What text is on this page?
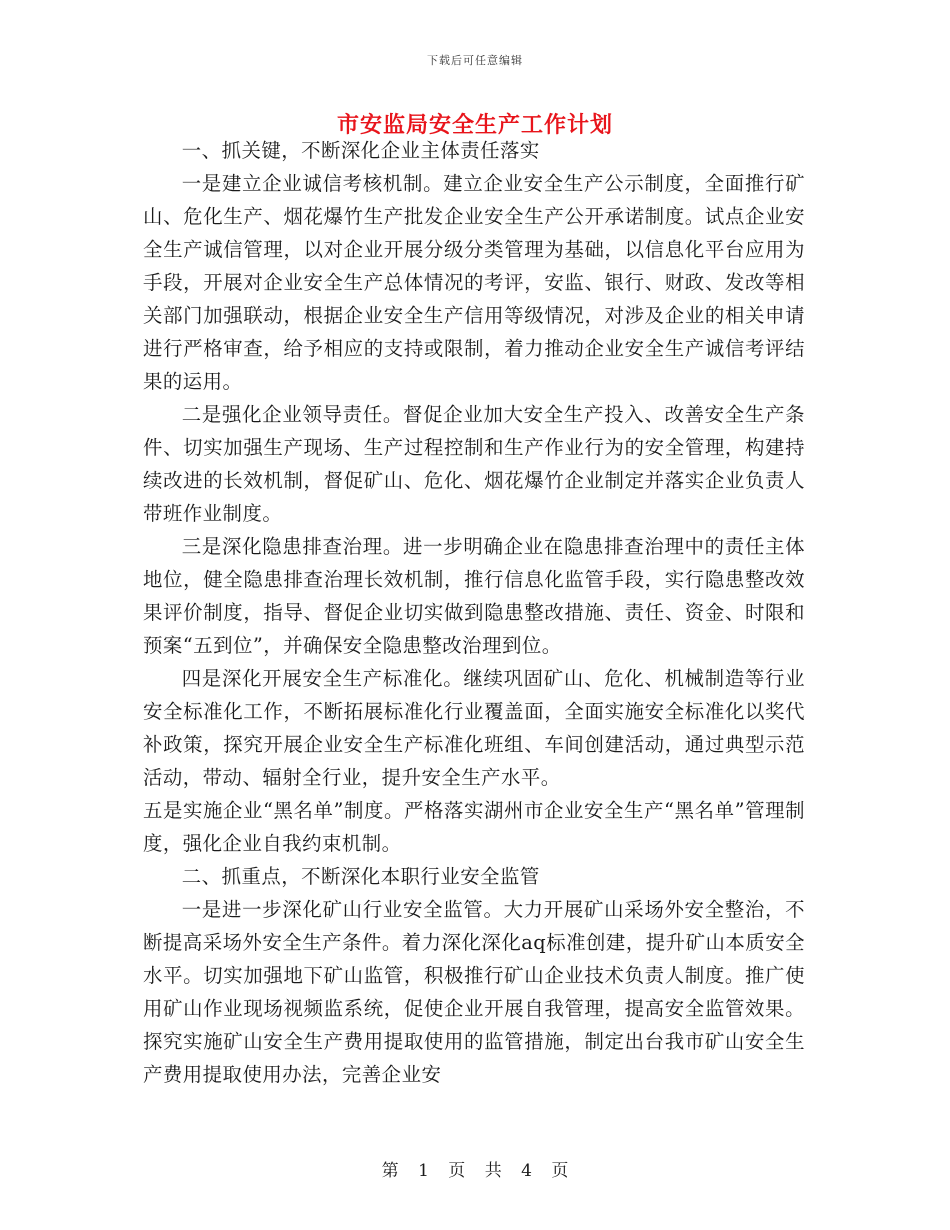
下载后可任意编辑
市安监局安全生产工作计划

一、抓关键，不断深化企业主体责任落实

一是建立企业诚信考核机制。建立企业安全生产公示制度，全面推行矿山、危化生产、烟花爆竹生产批发企业安全生产公开承诺制度。试点企业安全生产诚信管理，以对企业开展分级分类管理为基础，以信息化平台应用为手段，开展对企业安全生产总体情况的考评，安监、银行、财政、发改等相关部门加强联动，根据企业安全生产信用等级情况，对涉及企业的相关申请进行严格审查，给予相应的支持或限制，着力推动企业安全生产诚信考评结果的运用。

二是强化企业领导责任。督促企业加大安全生产投入、改善安全生产条件、切实加强生产现场、生产过程控制和生产作业行为的安全管理，构建持续改进的长效机制，督促矿山、危化、烟花爆竹企业制定并落实企业负责人带班作业制度。

三是深化隐患排查治理。进一步明确企业在隐患排查治理中的责任主体地位，健全隐患排查治理长效机制，推行信息化监管手段，实行隐患整改效果评价制度，指导、督促企业切实做到隐患整改措施、责任、资金、时限和预案“五到位”，并确保安全隐患整改治理到位。

四是深化开展安全生产标准化。继续巩固矿山、危化、机械制造等行业安全标准化工作，不断拓展标准化行业覆盖面，全面实施安全标准化以奖代补政策，探究开展企业安全生产标准化班组、车间创建活动，通过典型示范活动，带动、辐射全行业，提升安全生产水平。

五是实施企业“黑名单”制度。严格落实湖州市企业安全生产“黑名单”管理制度，强化企业自我约束机制。

二、抓重点，不断深化本职行业安全监管

一是进一步深化矿山行业安全监管。大力开展矿山采场外安全整治，不断提高采场外安全生产条件。着力深化深化aq标准创建，提升矿山本质安全水平。切实加强地下矿山监管，积极推行矿山企业技术负责人制度。推广使用矿山作业现场视频监系统，促使企业开展自我管理，提高安全监管效果。探究实施矿山安全生产费用提取使用的监管措施，制定出台我市矿山安全生产费用提取使用办法，完善企业安

第 1 页 共 4 页
